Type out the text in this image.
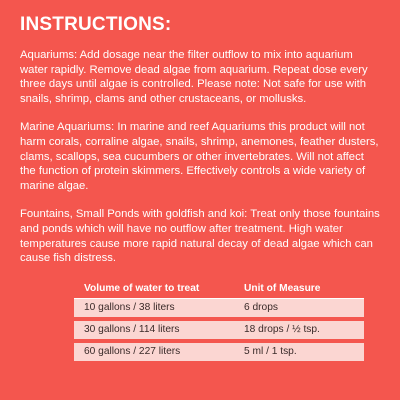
INSTRUCTIONS:

Aquariums: Add dosage near the filter outflow to mix into aquarium water rapidly. Remove dead algae from aquarium. Repeat dose every three days until algae is controlled. Please note: Not safe for use with snails, shrimp, clams and other crustaceans, or mollusks.

Marine Aquariums: In marine and reef Aquariums this product will not harm corals, corraline algae, snails, shrimp, anemones, feather dusters, clams, scallops, sea cucumbers or other invertebrates. Will not affect the function of protein skimmers. Effectively controls a wide variety of marine algae.

Fountains, Small Ponds with goldfish and koi: Treat only those fountains and ponds which will have no outflow after treatment. High water temperatures cause more rapid natural decay of dead algae which can cause fish distress.

Volume of water to treat	Unit of Measure
10 gallons / 38 liters	6 drops
30 gallons / 114 liters	18 drops / ½ tsp.
60 gallons / 227 liters	5 ml / 1 tsp.
